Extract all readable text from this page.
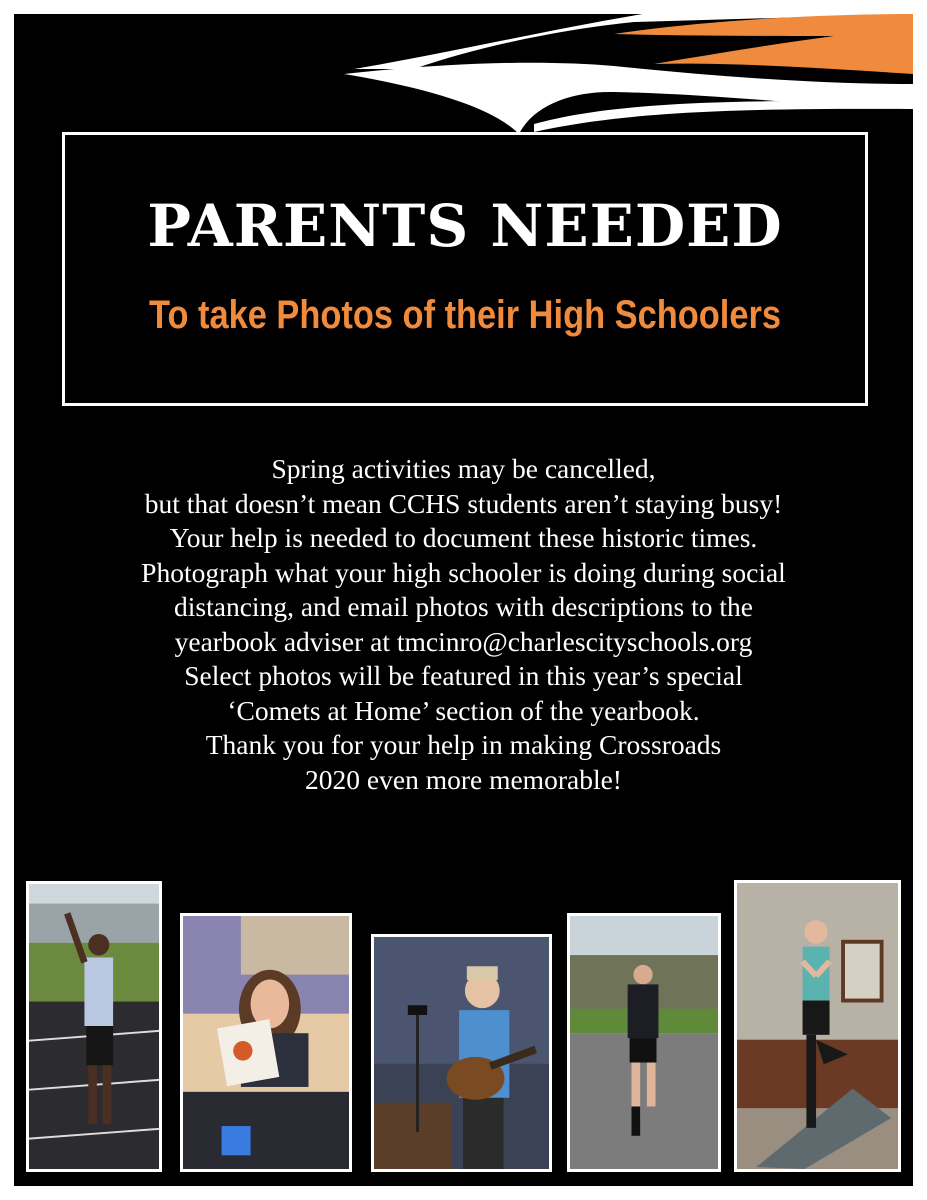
PARENTS NEEDED
To take Photos of their High Schoolers
Spring activities may be cancelled,
but that doesn’t mean CCHS students aren’t staying busy!
Your help is needed to document these historic times.
Photograph what your high schooler is doing during social
distancing, and email photos with descriptions to the
yearbook adviser at tmcinro@charlescityschools.org
Select photos will be featured in this year’s special
‘Comets at Home’ section of the yearbook.
Thank you for your help in making Crossroads
2020 even more memorable!
